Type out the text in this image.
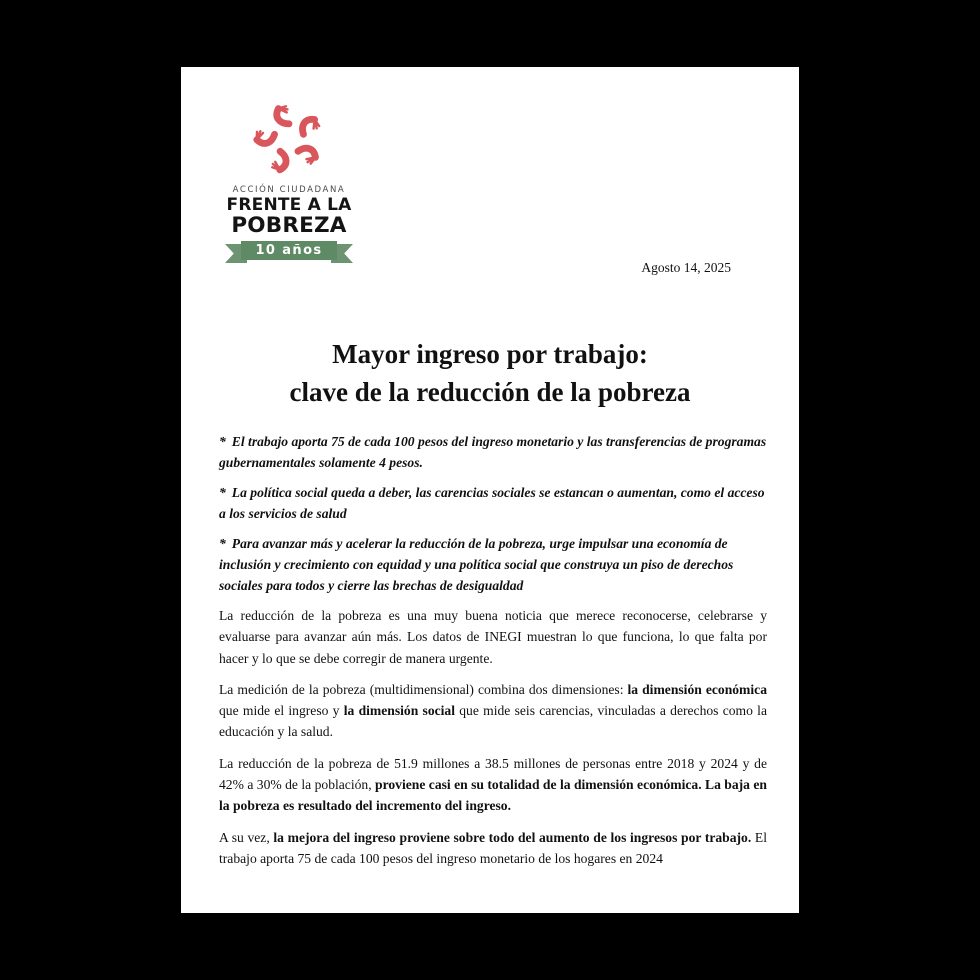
ACCIÓN CIUDADANA
FRENTE A LA
POBREZA
10 años
Agosto 14, 2025
Mayor ingreso por trabajo:
clave de la reducción de la pobreza

* El trabajo aporta 75 de cada 100 pesos del ingreso monetario y las transferencias de programas gubernamentales solamente 4 pesos.

* La política social queda a deber, las carencias sociales se estancan o aumentan, como el acceso a los servicios de salud

* Para avanzar más y acelerar la reducción de la pobreza, urge impulsar una economía de inclusión y crecimiento con equidad y una política social que construya un piso de derechos sociales para todos y cierre las brechas de desigualdad

La reducción de la pobreza es una muy buena noticia que merece reconocerse, celebrarse y evaluarse para avanzar aún más. Los datos de INEGI muestran lo que funciona, lo que falta por hacer y lo que se debe corregir de manera urgente.

La medición de la pobreza (multidimensional) combina dos dimensiones: la dimensión económica que mide el ingreso y la dimensión social que mide seis carencias, vinculadas a derechos como la educación y la salud.

La reducción de la pobreza de 51.9 millones a 38.5 millones de personas entre 2018 y 2024 y de 42% a 30% de la población, proviene casi en su totalidad de la dimensión económica. La baja en la pobreza es resultado del incremento del ingreso.

A su vez, la mejora del ingreso proviene sobre todo del aumento de los ingresos por trabajo. El trabajo aporta 75 de cada 100 pesos del ingreso monetario de los hogares en 2024
